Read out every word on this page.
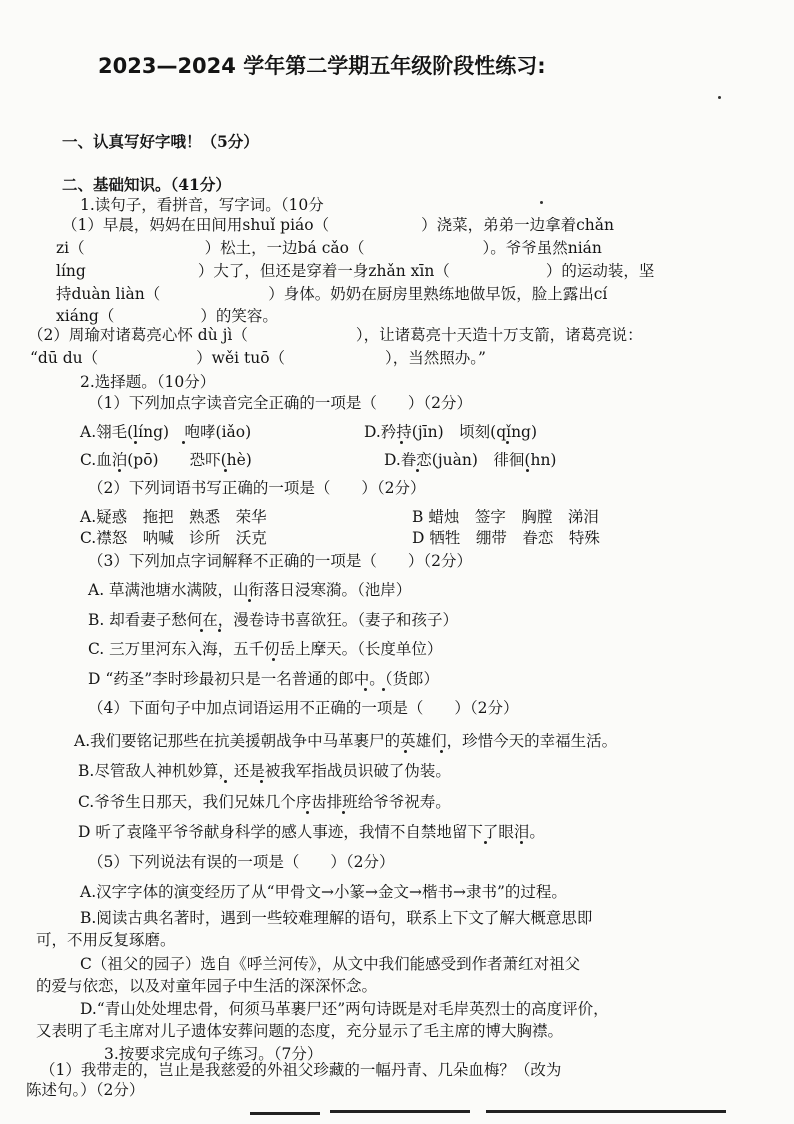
2023—2024 学年第二学期五年级阶段性练习:
一、认真写好字哦！（5分）
二、基础知识。（41分）
1.读句子，看拼音，写字词。（10分
（1）早晨，妈妈在田间用shuǐ piáo（	）浇菜，弟弟一边拿着chǎn
zi（	）松土，一边bá cǎo（	）。爷爷虽然nián
líng	）大了，但还是穿着一身zhǎn xīn（	）的运动装，坚
持duàn liàn（	）身体。奶奶在厨房里熟练地做早饭，脸上露出cí
xiáng（	）的笑容。
（2）周瑜对诸葛亮心怀 dù jì（	），让诸葛亮十天造十万支箭，诸葛亮说：
“dū du（	）wěi tuō（	），当然照办。”
2.选择题。（10分）
（1）下列加点字读音完全正确的一项是（　　）（2分）
A.翎毛(líng)　咆哮(iǎo)	D.矜持(jīn)　顷刻(qǐng)
C.血泊(pō)　　恐吓(hè)	D.眷恋(juàn)　徘徊(hn)
（2）下列词语书写正确的一项是（　　）（2分）
A.疑惑　拖把　熟悉　荣华	B 蜡烛　签字　胸膛　涕泪
C.襟怒　呐喊　诊所　沃克	D 牺牲　绷带　眷恋　特殊
（3）下列加点字词解释不正确的一项是（　　）（2分）
A. 草满池塘水满陂，山衔落日浸寒漪。（池岸）
B. 却看妻子愁何在，漫卷诗书喜欲狂。（妻子和孩子）
C. 三万里河东入海，五千仞岳上摩天。（长度单位）
D “药圣”李时珍最初只是一名普通的郎中。（货郎）
（4）下面句子中加点词语运用不正确的一项是（　　）（2分）
A.我们要铭记那些在抗美援朝战争中马革裹尸的英雄们，珍惜今天的幸福生活。
B.尽管敌人神机妙算，还是被我军指战员识破了伪装。
C.爷爷生日那天，我们兄妹几个序齿排班给爷爷祝寿。
D 听了袁隆平爷爷献身科学的感人事迹，我情不自禁地留下了眼泪。
（5）下列说法有误的一项是（　　）（2分）
A.汉字字体的演变经历了从“甲骨文→小篆→金文→楷书→隶书”的过程。
B.阅读古典名著时，遇到一些较难理解的语句，联系上下文了解大概意思即
可，不用反复琢磨。
C（祖父的园子）选自《呼兰河传》，从文中我们能感受到作者萧红对祖父
的爱与依恋，以及对童年园子中生活的深深怀念。
D.“青山处处埋忠骨，何须马革裹尸还”两句诗既是对毛岸英烈士的高度评价，
又表明了毛主席对儿子遗体安葬问题的态度，充分显示了毛主席的博大胸襟。
3.按要求完成句子练习。（7分）
（1）我带走的，岂止是我慈爱的外祖父珍藏的一幅丹青、几朵血梅？（改为
陈述句。）（2分）
